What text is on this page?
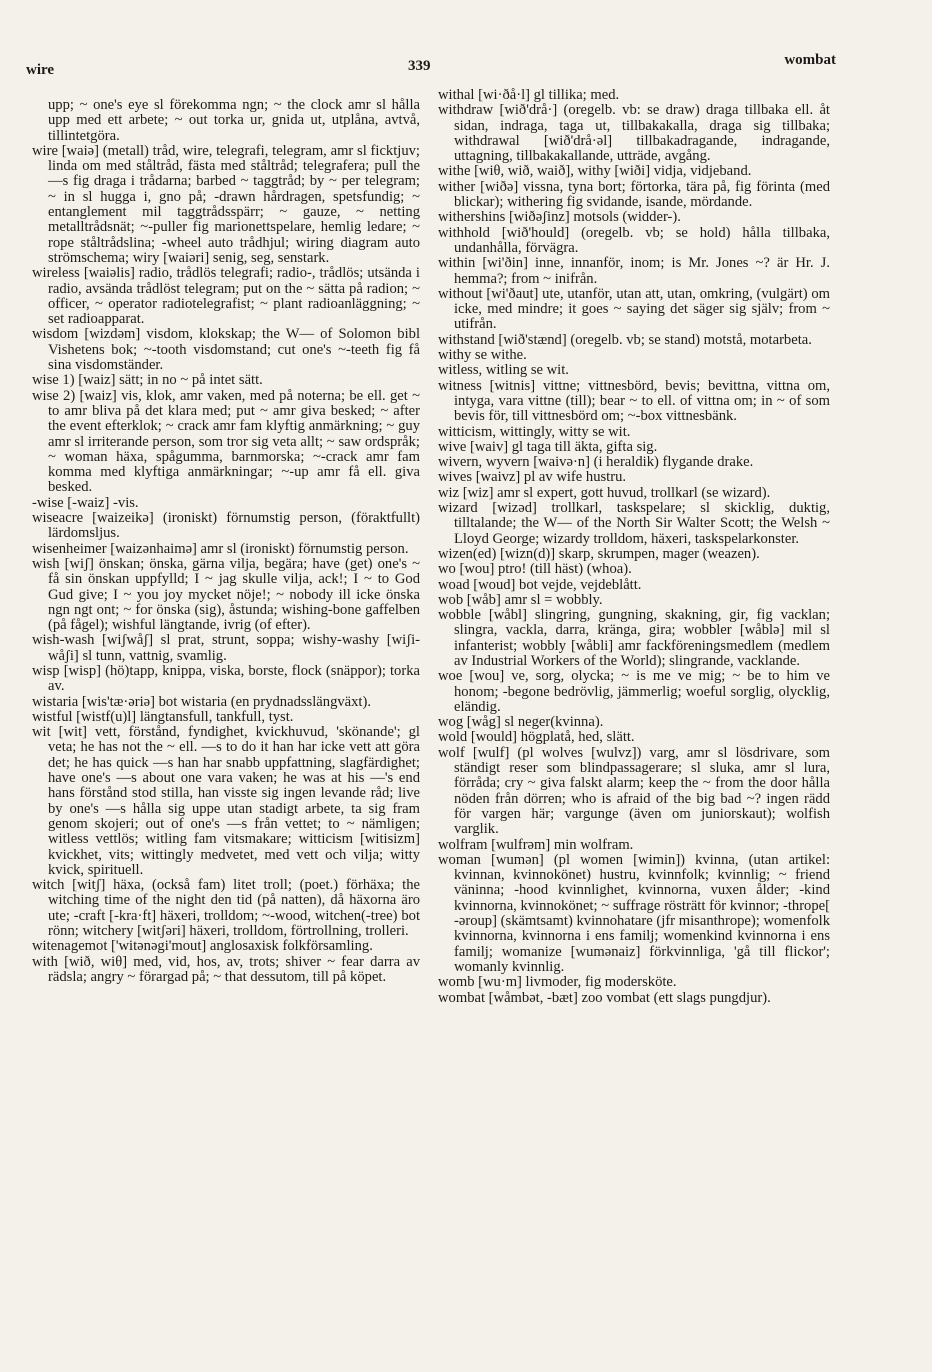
wire	339	wombat

upp; ~ one's eye sl förekomma ngn; ~ the clock amr sl hålla upp med ett arbete; ~ out torka ur, gnida ut, utplåna, avtvå, tillintetgöra.

wire [waiə] (metall) tråd, wire, telegrafi, telegram, amr sl ficktjuv; linda om med ståltråd, fästa med ståltråd; telegrafera; pull the —s fig draga i trådarna; barbed ~ taggtråd; by ~ per telegram; ~ in sl hugga i, gno på; -drawn hårdragen, spetsfundig; ~ entanglement mil taggtrådsspärr; ~ gauze, ~ netting metalltrådsnät; ~-puller fig marionettspelare, hemlig ledare; ~ rope ståltrådslina; -wheel auto trådhjul; wiring diagram auto strömschema; wiry [waiəri] senig, seg, senstark.

wireless [waiəlis] radio, trådlös telegrafi; radio-, trådlös; utsända i radio, avsända trådlöst telegram; put on the ~ sätta på radion; ~ officer, ~ operator radiotelegrafist; ~ plant radioanläggning; ~ set radioapparat.

wisdom [wizdəm] visdom, klokskap; the W— of Solomon bibl Vishetens bok; ~-tooth visdomstand; cut one's ~-teeth fig få sina visdomständer.

wise 1) [waiz] sätt; in no ~ på intet sätt.

wise 2) [waiz] vis, klok, amr vaken, med på noterna; be ell. get ~ to amr bliva på det klara med; put ~ amr giva besked; ~ after the event efterklok; ~ crack amr fam klyftig anmärkning; ~ guy amr sl irriterande person, som tror sig veta allt; ~ saw ordspråk; ~ woman häxa, spågumma, barnmorska; ~-crack amr fam komma med klyftiga anmärkningar; ~-up amr få ell. giva besked.

-wise [-waiz] -vis.

wiseacre [waizeikə] (ironiskt) förnumstig person, (föraktfullt) lärdomsljus.

wisenheimer [waizənhaimə] amr sl (ironiskt) förnumstig person.

wish [wiʃ] önskan; önska, gärna vilja, begära; have (get) one's ~ få sin önskan uppfylld; I ~ jag skulle vilja, ack!; I ~ to God Gud give; I ~ you joy mycket nöje!; ~ nobody ill icke önska ngn ngt ont; ~ for önska (sig), åstunda; wishing-bone gaffelben (på fågel); wishful längtande, ivrig (of efter).

wish-wash [wiʃwåʃ] sl prat, strunt, soppa; wishy-washy [wiʃi-wåʃi] sl tunn, vattnig, svamlig.

wisp [wisp] (hö)tapp, knippa, viska, borste, flock (snäppor); torka av.

wistaria [wis'tæ·əriə] bot wistaria (en prydnadsslängväxt).

wistful [wistf(u)l] längtansfull, tankfull, tyst.

wit [wit] vett, förstånd, fyndighet, kvickhuvud, 'skönande'; gl veta; he has not the ~ ell. —s to do it han har icke vett att göra det; he has quick —s han har snabb uppfattning, slagfärdighet; have one's —s about one vara vaken; he was at his —'s end hans förstånd stod stilla, han visste sig ingen levande råd; live by one's —s hålla sig uppe utan stadigt arbete, ta sig fram genom skojeri; out of one's —s från vettet; to ~ nämligen; witless vettlös; witling fam vitsmakare; witticism [witisizm] kvickhet, vits; wittingly medvetet, med vett och vilja; witty kvick, spirituell.

witch [witʃ] häxa, (också fam) litet troll; (poet.) förhäxa; the witching time of the night den tid (på natten), då häxorna äro ute; -craft [-kra·ft] häxeri, trolldom; ~-wood, witchen(-tree) bot rönn; witchery [witʃəri] häxeri, trolldom, förtrollning, trolleri.

witenagemot ['witənəgi'mout] anglosaxisk folkförsamling.

with [wið, wiθ] med, vid, hos, av, trots; shiver ~ fear darra av rädsla; angry ~ förargad på; ~ that dessutom, till på köpet.

withal [wi·ðå·l] gl tillika; med.

withdraw [wið'drå·] (oregelb. vb: se draw) draga tillbaka ell. åt sidan, indraga, taga ut, tillbakakalla, draga sig tillbaka; withdrawal [wið'drå·əl] tillbakadragande, indragande, uttagning, tillbakakallande, utträde, avgång.

withe [wiθ, wið, waið], withy [wiði] vidja, vidjeband.

wither [wiðə] vissna, tyna bort; förtorka, tära på, fig förinta (med blickar); withering fig svidande, isande, mördande.

withershins [wiðəʃinz] motsols (widder-).

withhold [wið'hould] (oregelb. vb; se hold) hålla tillbaka, undanhålla, förvägra.

within [wi'ðin] inne, innanför, inom; is Mr. Jones ~? är Hr. J. hemma?; from ~ inifrån.

without [wi'ðaut] ute, utanför, utan att, utan, omkring, (vulgärt) om icke, med mindre; it goes ~ saying det säger sig själv; from ~ utifrån.

withstand [wið'stænd] (oregelb. vb; se stand) motstå, motarbeta.

withy se withe.

witless, witling se wit.

witness [witnis] vittne; vittnesbörd, bevis; bevittna, vittna om, intyga, vara vittne (till); bear ~ to ell. of vittna om; in ~ of som bevis för, till vittnesbörd om; ~-box vittnesbänk.

witticism, wittingly, witty se wit.

wive [waiv] gl taga till äkta, gifta sig.

wivern, wyvern [waivə·n] (i heraldik) flygande drake.

wives [waivz] pl av wife hustru.

wiz [wiz] amr sl expert, gott huvud, trollkarl (se wizard).

wizard [wizəd] trollkarl, taskspelare; sl skicklig, duktig, tilltalande; the W— of the North Sir Walter Scott; the Welsh ~ Lloyd George; wizardy trolldom, häxeri, taskspelarkonster.

wizen(ed) [wizn(d)] skarp, skrumpen, mager (weazen).

wo [wou] ptro! (till häst) (whoa).

woad [woud] bot vejde, vejdeblått.

wob [wåb] amr sl = wobbly.

wobble [wåbl] slingring, gungning, skakning, gir, fig vacklan; slingra, vackla, darra, kränga, gira; wobbler [wåblə] mil sl infanterist; wobbly [wåbli] amr fackföreningsmedlem (medlem av Industrial Workers of the World); slingrande, vacklande.

woe [wou] ve, sorg, olycka; ~ is me ve mig; ~ be to him ve honom; -begone bedrövlig, jämmerlig; woeful sorglig, olycklig, eländig.

wog [wåg] sl neger(kvinna).

wold [would] högplatå, hed, slätt.

wolf [wulf] (pl wolves [wulvz]) varg, amr sl lösdrivare, som ständigt reser som blindpassagerare; sl sluka, amr sl lura, förråda; cry ~ giva falskt alarm; keep the ~ from the door hålla nöden från dörren; who is afraid of the big bad ~? ingen rädd för vargen här; vargunge (även om juniorskaut); wolfish varglik.

wolfram [wulfrəm] min wolfram.

woman [wumən] (pl women [wimin]) kvinna, (utan artikel: kvinnan, kvinnokönet) hustru, kvinnfolk; kvinnlig; ~ friend väninna; -hood kvinnlighet, kvinnorna, vuxen ålder; -kind kvinnorna, kvinnokönet; ~ suffrage rösträtt för kvinnor; -thrope[ -əroup] (skämtsamt) kvinnohatare (jfr misanthrope); womenfolk kvinnorna, kvinnorna i ens familj; womenkind kvinnorna i ens familj; womanize [wumənaiz] förkvinnliga, 'gå till flickor'; womanly kvinnlig.

womb [wu·m] livmoder, fig modersköte.

wombat [wåmbət, -bæt] zoo vombat (ett slags pungdjur).
